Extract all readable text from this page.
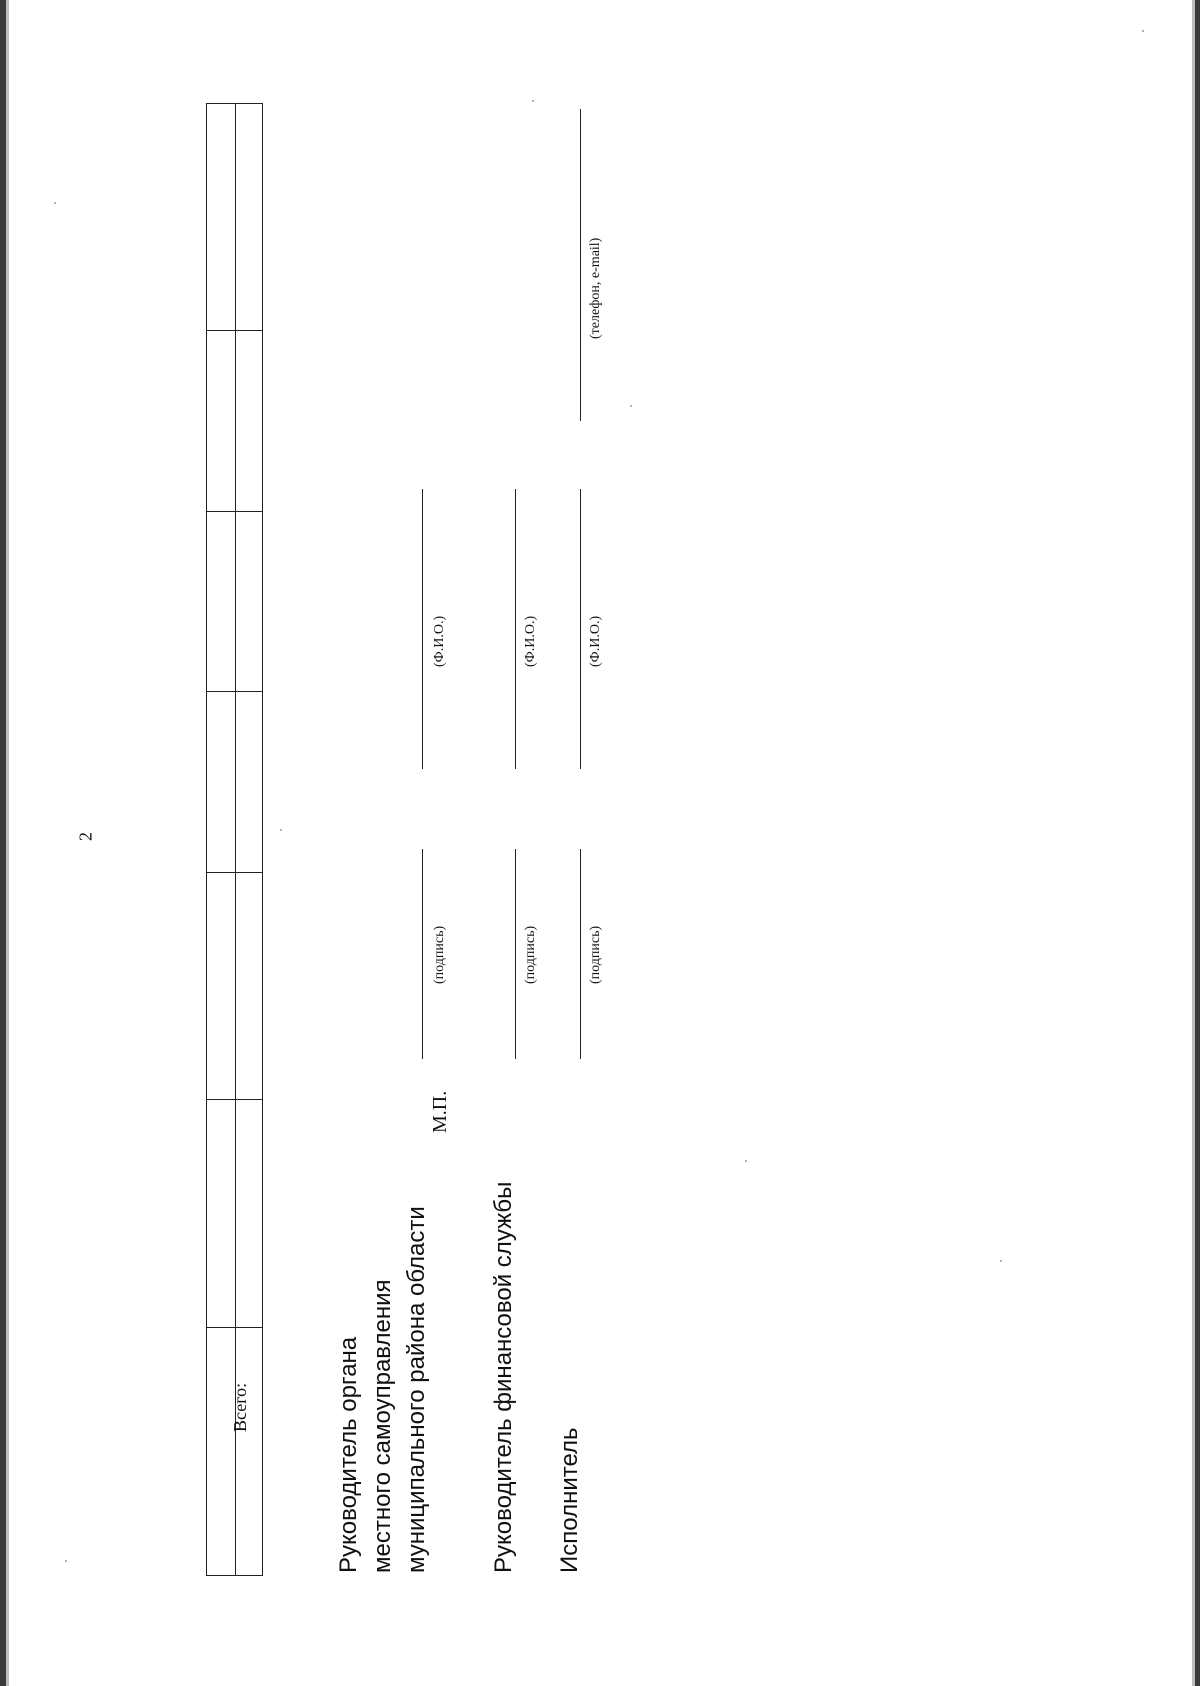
2
Всего:	Руководитель органа местного самоуправления муниципального района области
М.П.
(подпись)
(Ф.И.О.)
Руководитель финансовой службы
(подпись)
(Ф.И.О.)
Исполнитель
(подпись)
(Ф.И.О.)
(телефон, e-mail)
